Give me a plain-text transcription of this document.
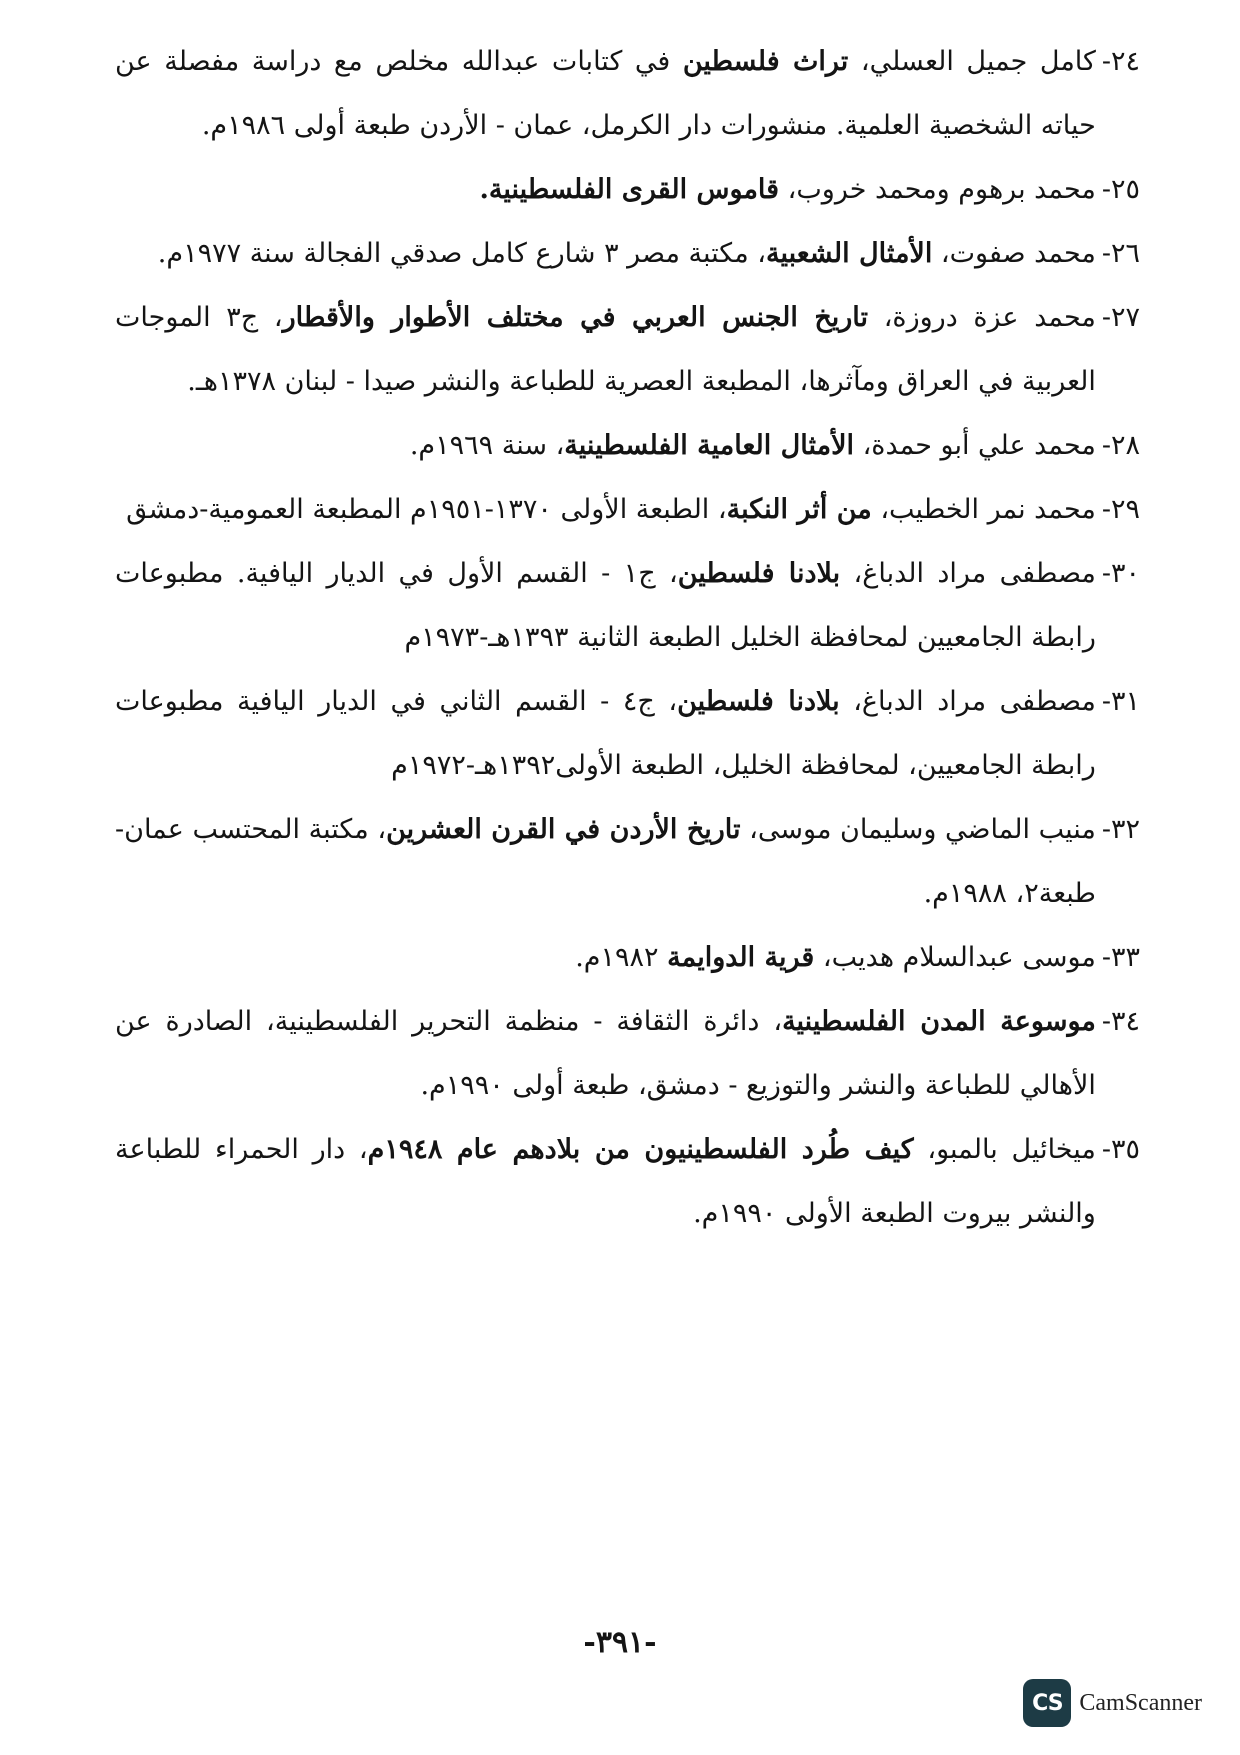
٢٤-
كامل جميل العسلي، تراث فلسطين في كتابات عبدالله مخلص مع دراسة مفصلة عن حياته الشخصية العلمية. منشورات دار الكرمل، عمان - الأردن طبعة أولى ١٩٨٦م.
٢٥-
محمد برهوم ومحمد خروب، قاموس القرى الفلسطينية.
٢٦-
محمد صفوت، الأمثال الشعبية، مكتبة مصر ٣ شارع كامل صدقي الفجالة سنة ١٩٧٧م.
٢٧-
محمد عزة دروزة، تاريخ الجنس العربي في مختلف الأطوار والأقطار، ج٣ الموجات العربية في العراق ومآثرها، المطبعة العصرية للطباعة والنشر صيدا - لبنان ١٣٧٨هـ.
٢٨-
محمد علي أبو حمدة، الأمثال العامية الفلسطينية، سنة ١٩٦٩م.
٢٩-
محمد نمر الخطيب، من أثر النكبة، الطبعة الأولى ١٣٧٠-١٩٥١م المطبعة العمومية-دمشق
٣٠-
مصطفى مراد الدباغ، بلادنا فلسطين، ج١ - القسم الأول في الديار اليافية. مطبوعات رابطة الجامعيين لمحافظة الخليل الطبعة الثانية ١٣٩٣هـ-١٩٧٣م
٣١-
مصطفى مراد الدباغ، بلادنا فلسطين، ج٤ - القسم الثاني في الديار اليافية مطبوعات رابطة الجامعيين، لمحافظة الخليل، الطبعة الأولى١٣٩٢هـ-١٩٧٢م
٣٢-
منيب الماضي وسليمان موسى، تاريخ الأردن في القرن العشرين، مكتبة المحتسب عمان- طبعة٢، ١٩٨٨م.
٣٣-
موسى عبدالسلام هديب، قرية الدوايمة ١٩٨٢م.
٣٤-
موسوعة المدن الفلسطينية، دائرة الثقافة - منظمة التحرير الفلسطينية، الصادرة عن الأهالي للطباعة والنشر والتوزيع - دمشق، طبعة أولى ١٩٩٠م.
٣٥-
ميخائيل بالمبو، كيف طُرد الفلسطينيون من بلادهم عام ١٩٤٨م، دار الحمراء للطباعة والنشر بيروت الطبعة الأولى ١٩٩٠م.
-٣٩١-
CS CamScanner
